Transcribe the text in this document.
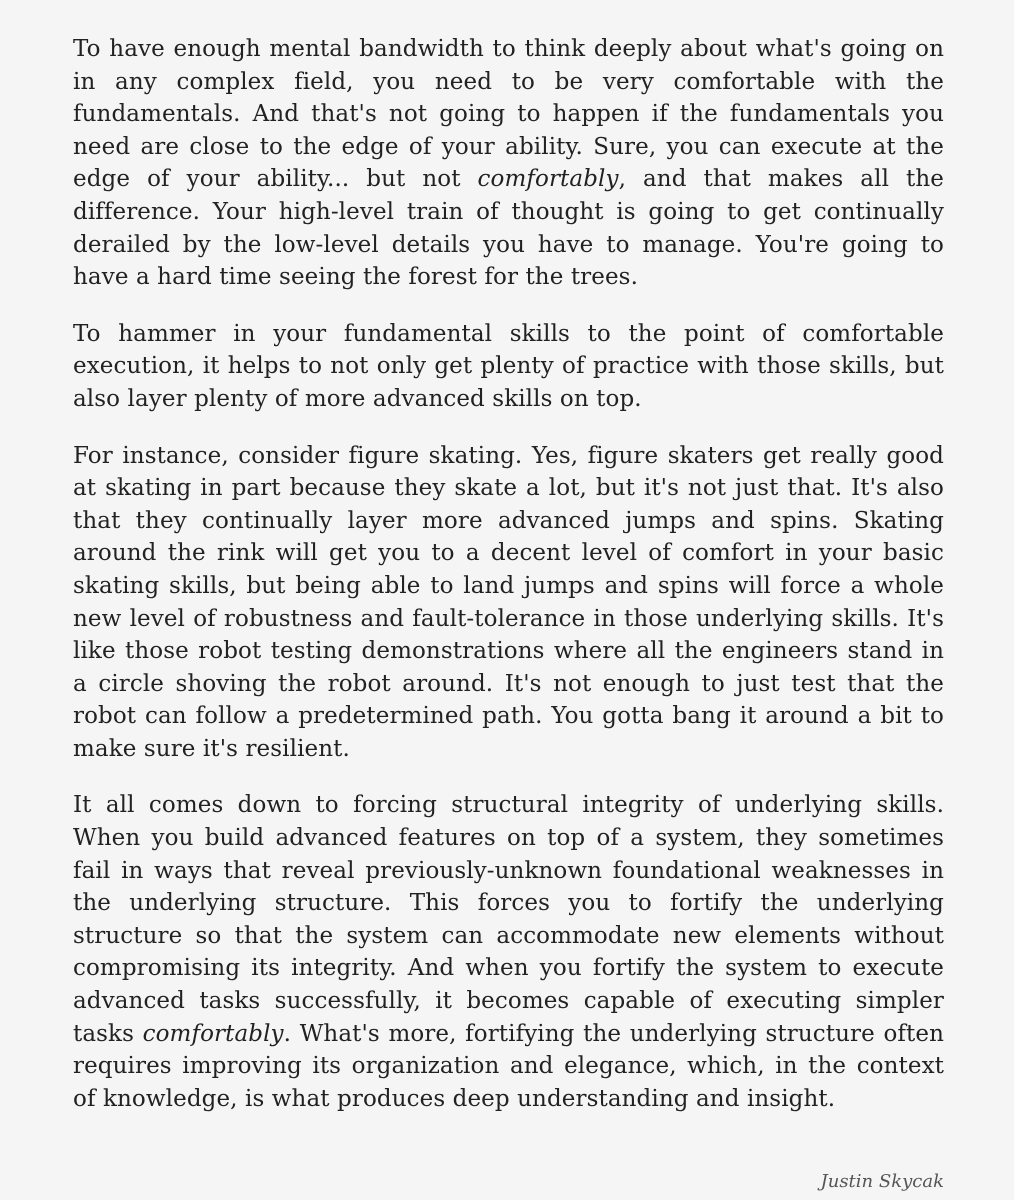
To have enough mental bandwidth to think deeply about what's going on in any complex field, you need to be very comfortable with the fundamentals. And that's not going to happen if the fundamentals you need are close to the edge of your ability. Sure, you can execute at the edge of your ability... but not comfortably, and that makes all the difference. Your high-level train of thought is going to get continually derailed by the low-level details you have to manage. You're going to have a hard time seeing the forest for the trees.

To hammer in your fundamental skills to the point of comfortable execution, it helps to not only get plenty of practice with those skills, but also layer plenty of more advanced skills on top.

For instance, consider figure skating. Yes, figure skaters get really good at skating in part because they skate a lot, but it's not just that. It's also that they continually layer more advanced jumps and spins. Skating around the rink will get you to a decent level of comfort in your basic skating skills, but being able to land jumps and spins will force a whole new level of robustness and fault-tolerance in those underlying skills. It's like those robot testing demonstrations where all the engineers stand in a circle shoving the robot around. It's not enough to just test that the robot can follow a predetermined path. You gotta bang it around a bit to make sure it's resilient.

It all comes down to forcing structural integrity of underlying skills. When you build advanced features on top of a system, they sometimes fail in ways that reveal previously-unknown foundational weaknesses in the underlying structure. This forces you to fortify the underlying structure so that the system can accommodate new elements without compromising its integrity. And when you fortify the system to execute advanced tasks successfully, it becomes capable of executing simpler tasks comfortably. What's more, fortifying the underlying structure often requires improving its organization and elegance, which, in the context of knowledge, is what produces deep understanding and insight.

Justin Skycak
